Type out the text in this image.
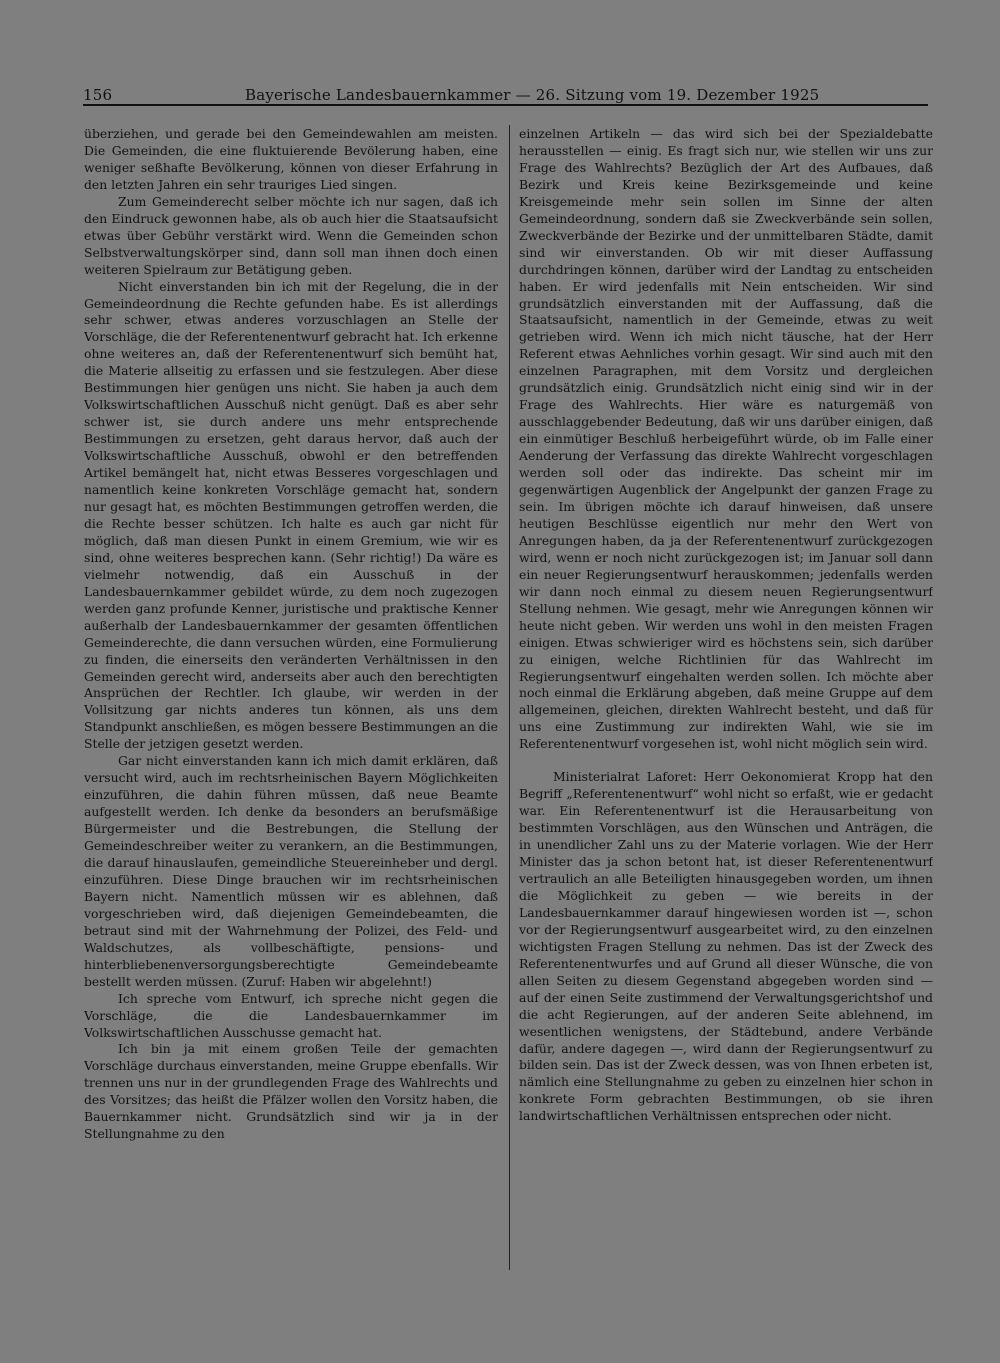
156	Bayerische Landesbauernkammer — 26. Sitzung vom 19. Dezember 1925

überziehen, und gerade bei den Gemeindewahlen am meisten. Die Gemeinden, die eine fluktuierende Bevölerung haben, eine weniger seßhafte Bevölkerung, können von dieser Erfahrung in den letzten Jahren ein sehr trauriges Lied singen.

Zum Gemeinderecht selber möchte ich nur sagen, daß ich den Eindruck gewonnen habe, als ob auch hier die Staatsaufsicht etwas über Gebühr verstärkt wird. Wenn die Gemeinden schon Selbstverwaltungskörper sind, dann soll man ihnen doch einen weiteren Spielraum zur Betätigung geben.

Nicht einverstanden bin ich mit der Regelung, die in der Gemeindeordnung die Rechte gefunden habe. Es ist allerdings sehr schwer, etwas anderes vorzuschlagen an Stelle der Vorschläge, die der Referentenentwurf gebracht hat. Ich erkenne ohne weiteres an, daß der Referentenentwurf sich bemüht hat, die Materie allseitig zu erfassen und sie festzulegen. Aber diese Bestimmungen hier genügen uns nicht. Sie haben ja auch dem Volkswirtschaftlichen Ausschuß nicht genügt. Daß es aber sehr schwer ist, sie durch andere uns mehr entsprechende Bestimmungen zu ersetzen, geht daraus hervor, daß auch der Volkswirtschaftliche Ausschuß, obwohl er den betreffenden Artikel bemängelt hat, nicht etwas Besseres vorgeschlagen und namentlich keine konkreten Vorschläge gemacht hat, sondern nur gesagt hat, es möchten Bestimmungen getroffen werden, die die Rechte besser schützen. Ich halte es auch gar nicht für möglich, daß man diesen Punkt in einem Gremium, wie wir es sind, ohne weiteres besprechen kann. (Sehr richtig!) Da wäre es vielmehr notwendig, daß ein Ausschuß in der Landesbauernkammer gebildet würde, zu dem noch zugezogen werden ganz profunde Kenner, juristische und praktische Kenner außerhalb der Landesbauernkammer der gesamten öffentlichen Gemeinderechte, die dann versuchen würden, eine Formulierung zu finden, die einerseits den veränderten Verhältnissen in den Gemeinden gerecht wird, anderseits aber auch den berechtigten Ansprüchen der Rechtler. Ich glaube, wir werden in der Vollsitzung gar nichts anderes tun können, als uns dem Standpunkt anschließen, es mögen bessere Bestimmungen an die Stelle der jetzigen gesetzt werden.

Gar nicht einverstanden kann ich mich damit erklären, daß versucht wird, auch im rechtsrheinischen Bayern Möglichkeiten einzuführen, die dahin führen müssen, daß neue Beamte aufgestellt werden. Ich denke da besonders an berufsmäßige Bürgermeister und die Bestrebungen, die Stellung der Gemeindeschreiber weiter zu verankern, an die Bestimmungen, die darauf hinauslaufen, gemeindliche Steuereinheber und dergl. einzuführen. Diese Dinge brauchen wir im rechtsrheinischen Bayern nicht. Namentlich müssen wir es ablehnen, daß vorgeschrieben wird, daß diejenigen Gemeindebeamten, die betraut sind mit der Wahrnehmung der Polizei, des Feld- und Waldschutzes, als vollbeschäftigte, pensions- und hinterbliebenenversorgungsberechtigte Gemeindebeamte bestellt werden müssen. (Zuruf: Haben wir abgelehnt!)

Ich spreche vom Entwurf, ich spreche nicht gegen die Vorschläge, die die Landesbauernkammer im Volkswirtschaftlichen Ausschusse gemacht hat.

Ich bin ja mit einem großen Teile der gemachten Vorschläge durchaus einverstanden, meine Gruppe ebenfalls. Wir trennen uns nur in der grundlegenden Frage des Wahlrechts und des Vorsitzes; das heißt die Pfälzer wollen den Vorsitz haben, die Bauernkammer nicht. Grundsätzlich sind wir ja in der Stellungnahme zu den

einzelnen Artikeln — das wird sich bei der Spezialdebatte herausstellen — einig. Es fragt sich nur, wie stellen wir uns zur Frage des Wahlrechts? Bezüglich der Art des Aufbaues, daß Bezirk und Kreis keine Bezirksgemeinde und keine Kreisgemeinde mehr sein sollen im Sinne der alten Gemeindeordnung, sondern daß sie Zweckverbände sein sollen, Zweckverbände der Bezirke und der unmittelbaren Städte, damit sind wir einverstanden. Ob wir mit dieser Auffassung durchdringen können, darüber wird der Landtag zu entscheiden haben. Er wird jedenfalls mit Nein entscheiden. Wir sind grundsätzlich einverstanden mit der Auffassung, daß die Staatsaufsicht, namentlich in der Gemeinde, etwas zu weit getrieben wird. Wenn ich mich nicht täusche, hat der Herr Referent etwas Aehnliches vorhin gesagt. Wir sind auch mit den einzelnen Paragraphen, mit dem Vorsitz und dergleichen grundsätzlich einig. Grundsätzlich nicht einig sind wir in der Frage des Wahlrechts. Hier wäre es naturgemäß von ausschlaggebender Bedeutung, daß wir uns darüber einigen, daß ein einmütiger Beschluß herbeigeführt würde, ob im Falle einer Aenderung der Verfassung das direkte Wahlrecht vorgeschlagen werden soll oder das indirekte. Das scheint mir im gegenwärtigen Augenblick der Angelpunkt der ganzen Frage zu sein. Im übrigen möchte ich darauf hinweisen, daß unsere heutigen Beschlüsse eigentlich nur mehr den Wert von Anregungen haben, da ja der Referentenentwurf zurückgezogen wird, wenn er noch nicht zurückgezogen ist; im Januar soll dann ein neuer Regierungsentwurf herauskommen; jedenfalls werden wir dann noch einmal zu diesem neuen Regierungsentwurf Stellung nehmen. Wie gesagt, mehr wie Anregungen können wir heute nicht geben. Wir werden uns wohl in den meisten Fragen einigen. Etwas schwieriger wird es höchstens sein, sich darüber zu einigen, welche Richtlinien für das Wahlrecht im Regierungsentwurf eingehalten werden sollen. Ich möchte aber noch einmal die Erklärung abgeben, daß meine Gruppe auf dem allgemeinen, gleichen, direkten Wahlrecht besteht, und daß für uns eine Zustimmung zur indirekten Wahl, wie sie im Referentenentwurf vorgesehen ist, wohl nicht möglich sein wird.

Ministerialrat Laforet: Herr Oekonomierat Kropp hat den Begriff „Referentenentwurf“ wohl nicht so erfaßt, wie er gedacht war. Ein Referentenentwurf ist die Herausarbeitung von bestimmten Vorschlägen, aus den Wünschen und Anträgen, die in unendlicher Zahl uns zu der Materie vorlagen. Wie der Herr Minister das ja schon betont hat, ist dieser Referentenentwurf vertraulich an alle Beteiligten hinausgegeben worden, um ihnen die Möglichkeit zu geben — wie bereits in der Landesbauernkammer darauf hingewiesen worden ist —, schon vor der Regierungsentwurf ausgearbeitet wird, zu den einzelnen wichtigsten Fragen Stellung zu nehmen. Das ist der Zweck des Referentenentwurfes und auf Grund all dieser Wünsche, die von allen Seiten zu diesem Gegenstand abgegeben worden sind — auf der einen Seite zustimmend der Verwaltungsgerichtshof und die acht Regierungen, auf der anderen Seite ablehnend, im wesentlichen wenigstens, der Städtebund, andere Verbände dafür, andere dagegen —, wird dann der Regierungsentwurf zu bilden sein. Das ist der Zweck dessen, was von Ihnen erbeten ist, nämlich eine Stellungnahme zu geben zu einzelnen hier schon in konkrete Form gebrachten Bestimmungen, ob sie ihren landwirtschaftlichen Verhältnissen entsprechen oder nicht.
